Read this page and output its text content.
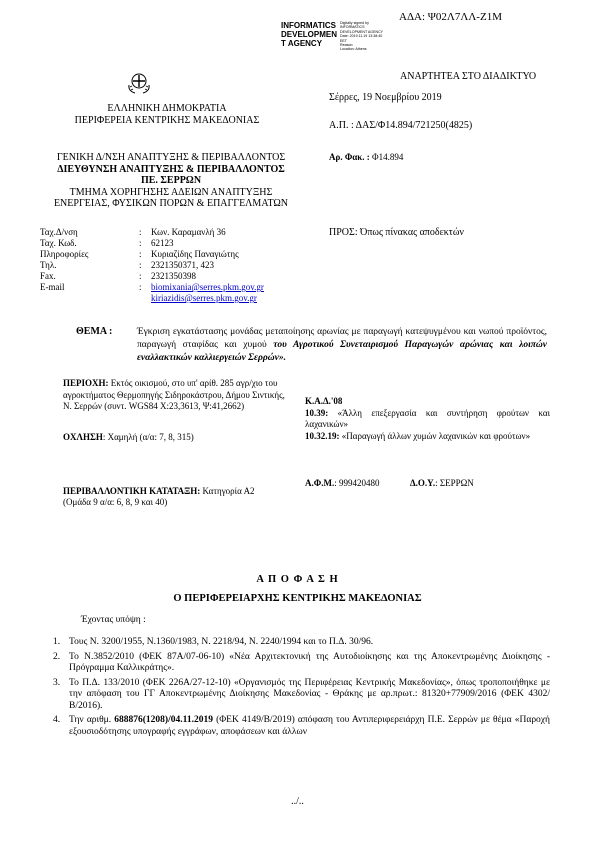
ΑΔΑ: Ψ02Λ7ΛΛ-Ζ1Μ
INFORMATICS
DEVELOPMEN
T AGENCY
Digitally signed by
INFORMATICS
DEVELOPMENT AGENCY
Date: 2019.11.19 13:38:40
EET
Reason:
Location: Athens
ΕΛΛΗΝΙΚΗ ΔΗΜΟΚΡΑΤΙΑ
ΠΕΡΙΦΕΡΕΙΑ ΚΕΝΤΡΙΚΗΣ ΜΑΚΕΔΟΝΙΑΣ
ΓΕΝΙΚΗ Δ/ΝΣΗ ΑΝΑΠΤΥΞΗΣ & ΠΕΡΙΒΑΛΛΟΝΤΟΣ
ΔΙΕΥΘΥΝΣΗ ΑΝΑΠΤΥΞΗΣ & ΠΕΡΙΒΑΛΛΟΝΤΟΣ
ΠΕ. ΣΕΡΡΩΝ
ΤΜΗΜΑ ΧΟΡΗΓΗΣΗΣ ΑΔΕΙΩΝ ΑΝΑΠΤΥΞΗΣ
ΕΝΕΡΓΕΙΑΣ, ΦΥΣΙΚΩΝ ΠΟΡΩΝ & ΕΠΑΓΓΕΛΜΑΤΩΝ
ΑΝΑΡΤΗΤΕΑ ΣΤΟ ΔΙΑΔΙΚΤΥΟ
Σέρρες, 19 Νοεμβρίου 2019
Α.Π. : ΔΑΣ/Φ14.894/721250(4825)
Αρ. Φακ. : Φ14.894
Ταχ.Δ/νση	:	Κων. Καραμανλή 36
Ταχ. Κωδ.	:	62123
Πληροφορίες	:	Κυριαζίδης Παναγιώτης
Τηλ.	:	2321350371, 423
Fax.	:	2321350398
E-mail	:	biomixania@serres.pkm.gov.gr
kiriazidis@serres.pkm.gov.gr
ΠΡΟΣ: Όπως πίνακας αποδεκτών
ΘΕΜΑ :	Έγκριση εγκατάστασης μονάδας μεταποίησης αρωνίας με παραγωγή κατεψυγμένου και νωπού προϊόντος, παραγωγή σταφίδας και χυμού του Αγροτικού Συνεταιρισμού Παραγωγών αρώνιας και λοιπών εναλλακτικών καλλιεργειών Σερρών».
ΠΕΡΙΟΧΗ: Εκτός οικισμού, στο υπ' αρίθ. 285 αγρ/χιο του αγροκτήματος Θερμοπηγής Σιδηροκάστρου, Δήμου Σιντικής, Ν. Σερρών (συντ. WGS84 X:23,3613, Ψ:41,2662)
ΟΧΛΗΣΗ: Χαμηλή (α/α: 7, 8, 315)
ΠΕΡΙΒΑΛΛΟΝΤΙΚΗ ΚΑΤΑΤΑΞΗ: Κατηγορία Α2
(Ομάδα 9 α/α: 6, 8, 9 και 40)
Κ.Α.Δ.'08
10.39: «Άλλη επεξεργασία και συντήρηση φρούτων και λαχανικών»
10.32.19: «Παραγωγή άλλων χυμών λαχανικών και φρούτων»
Α.Φ.Μ.: 999420480	Δ.Ο.Υ.: ΣΕΡΡΩΝ
Α Π Ο Φ Α Σ Η
Ο ΠΕΡΙΦΕΡΕΙΑΡΧΗΣ ΚΕΝΤΡΙΚΗΣ ΜΑΚΕΔΟΝΙΑΣ
Έχοντας υπόψη :
1. Τους Ν. 3200/1955, Ν.1360/1983, Ν. 2218/94, Ν. 2240/1994 και το Π.Δ. 30/96.
2. Το Ν.3852/2010 (ΦΕΚ 87Α/07-06-10) «Νέα Αρχιτεκτονική της Αυτοδιοίκησης και της Αποκεντρωμένης Διοίκησης - Πρόγραμμα Καλλικράτης».
3. Το Π.Δ. 133/2010 (ΦΕΚ 226Α/27-12-10) «Οργανισμός της Περιφέρειας Κεντρικής Μακεδονίας», όπως τροποποιήθηκε με την απόφαση του ΓΓ Αποκεντρωμένης Διοίκησης Μακεδονίας - Θράκης με αρ.πρωτ.: 81320+77909/2016 (ΦΕΚ 4302/Β/2016).
4. Την αριθμ. 688876(1208)/04.11.2019 (ΦΕΚ 4149/Β/2019) απόφαση του Αντιπεριφερειάρχη Π.Ε. Σερρών με θέμα «Παροχή εξουσιοδότησης υπογραφής εγγράφων, αποφάσεων και άλλων
../..
